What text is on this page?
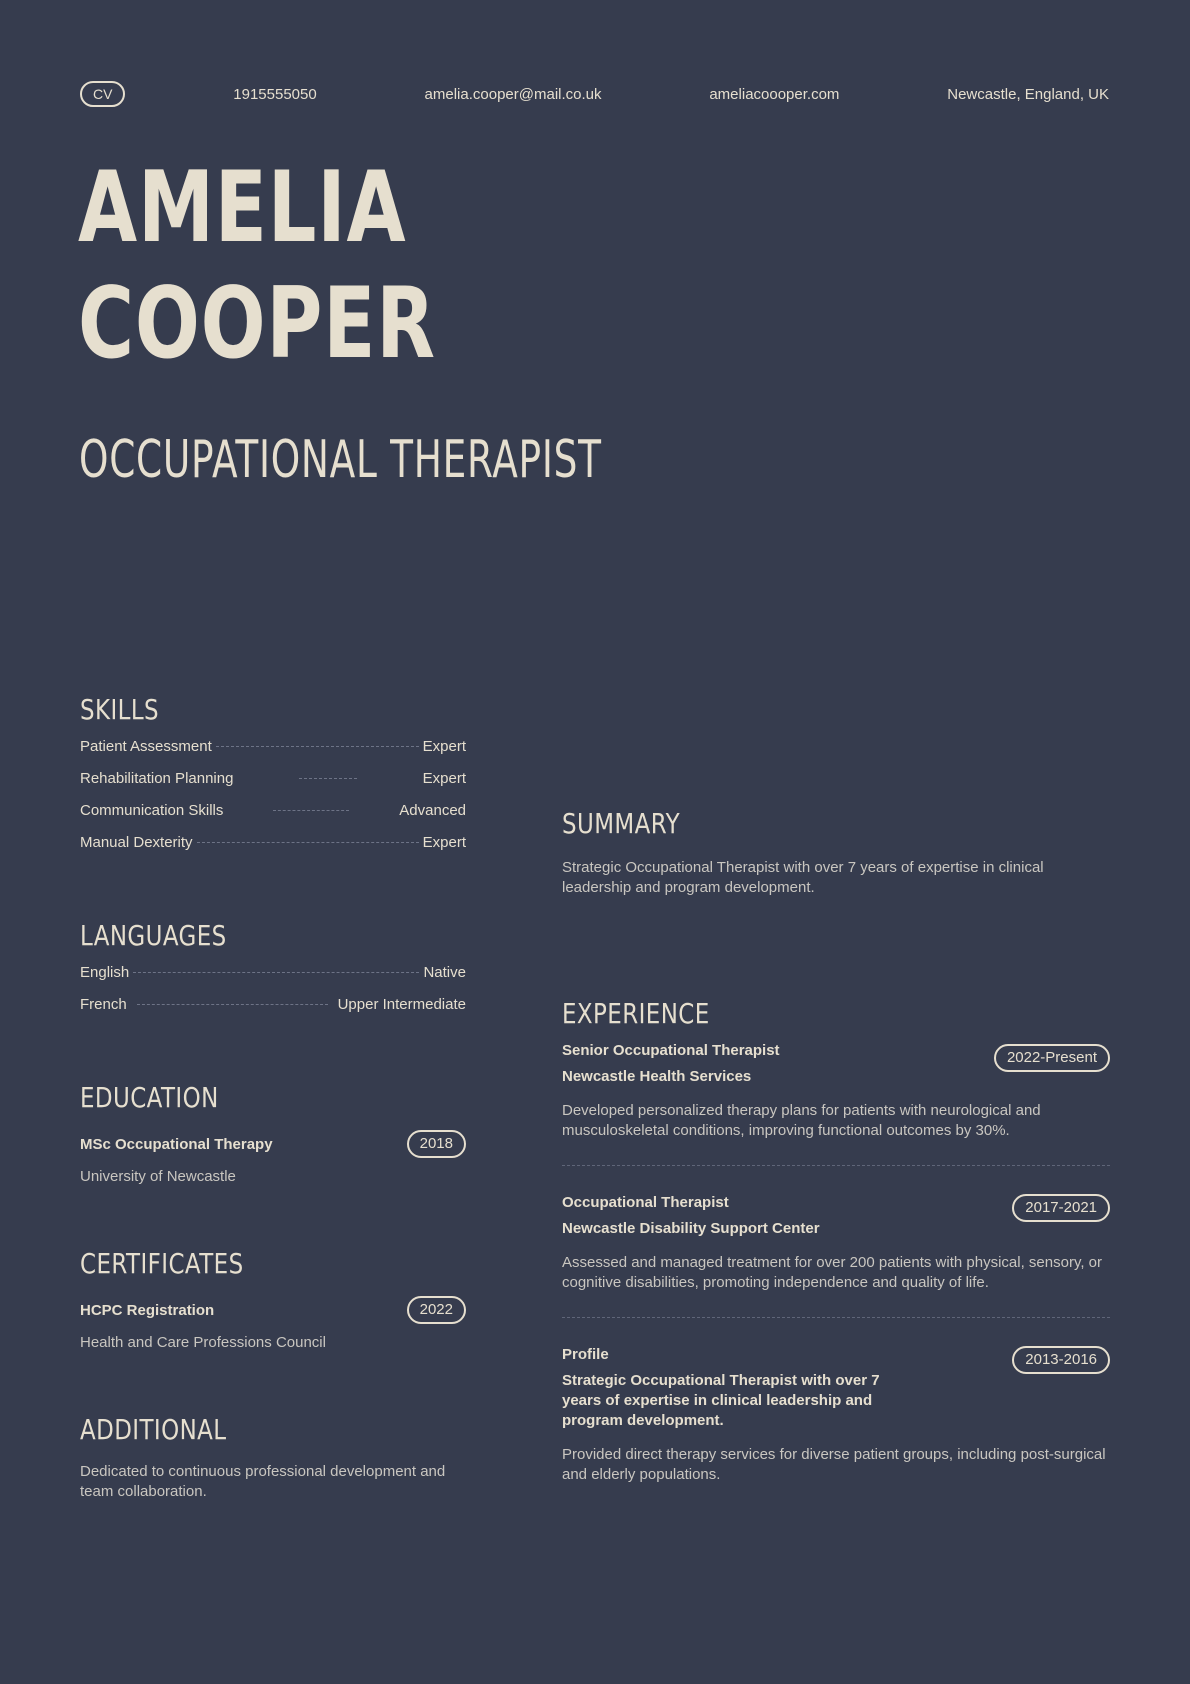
CV	1915555050	amelia.cooper@mail.co.uk	ameliacoooper.com	Newcastle, England, UK
AMELIA
COOPER
OCCUPATIONAL THERAPIST
SKILLS
Patient Assessment	Expert
Rehabilitation Planning	Expert
Communication Skills	Advanced
Manual Dexterity	Expert
LANGUAGES
English	Native
French	Upper Intermediate
EDUCATION
MSc Occupational Therapy	2018
University of Newcastle
CERTIFICATES
HCPC Registration	2022
Health and Care Professions Council
ADDITIONAL

Dedicated to continuous professional development and team collaboration.

SUMMARY

Strategic Occupational Therapist with over 7 years of expertise in clinical leadership and program development.

EXPERIENCE
Senior Occupational Therapist
Newcastle Health Services
2022-Present

Developed personalized therapy plans for patients with neurological and musculoskeletal conditions, improving functional outcomes by 30%.

Occupational Therapist
Newcastle Disability Support Center
2017-2021

Assessed and managed treatment for over 200 patients with physical, sensory, or cognitive disabilities, promoting independence and quality of life.

Profile
Strategic Occupational Therapist with over 7 years of expertise in clinical leadership and program development.
2013-2016

Provided direct therapy services for diverse patient groups, including post-surgical and elderly populations.
